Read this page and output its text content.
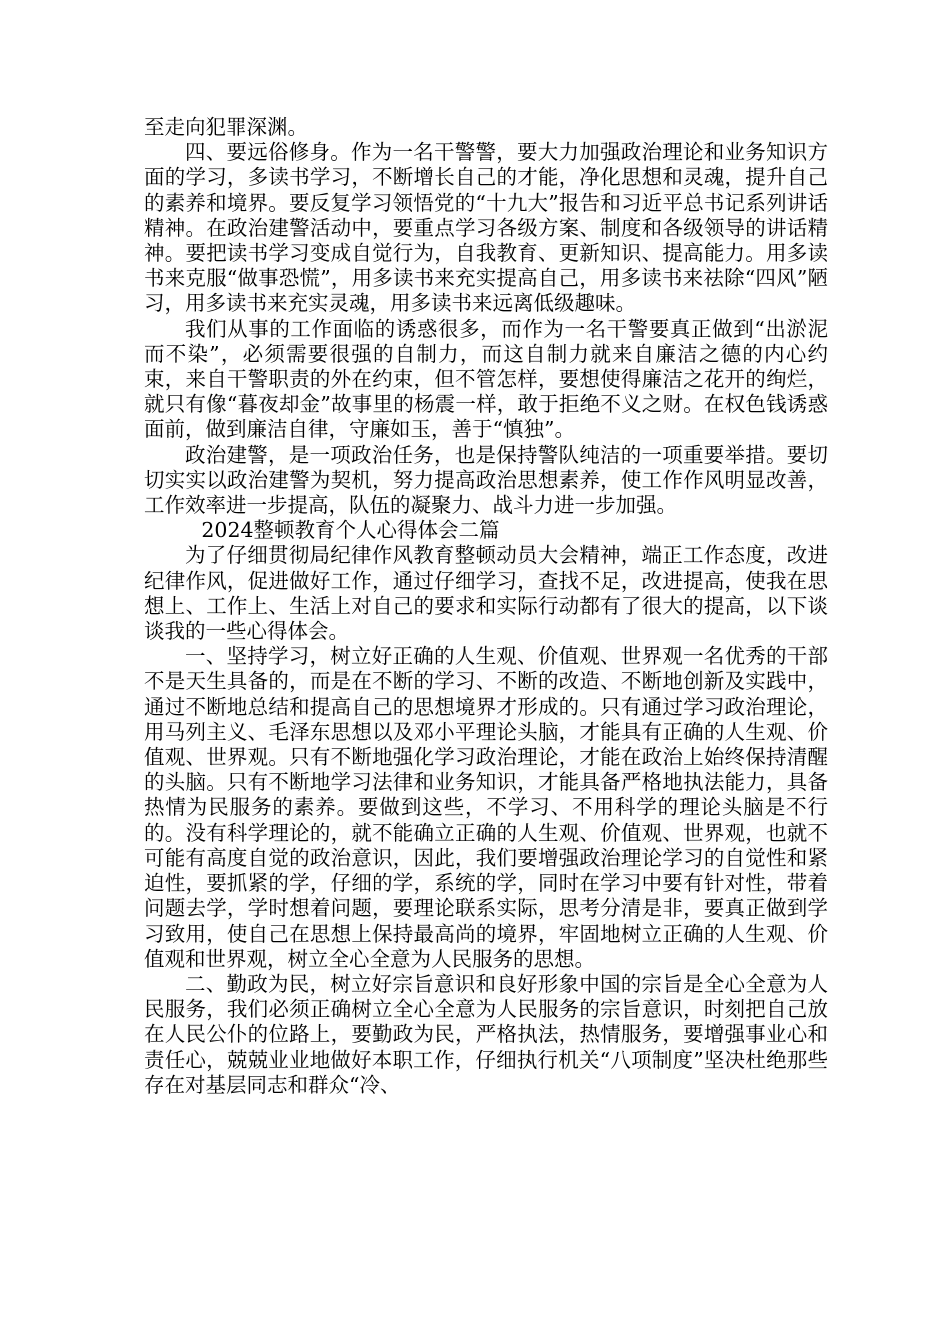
至走向犯罪深渊。

四、要远俗修身。作为一名干警警，要大力加强政治理论和业务知识方面的学习，多读书学习，不断增长自己的才能，净化思想和灵魂，提升自己的素养和境界。要反复学习领悟党的“十九大”报告和习近平总书记系列讲话精神。在政治建警活动中，要重点学习各级方案、制度和各级领导的讲话精神。要把读书学习变成自觉行为，自我教育、更新知识、提高能力。用多读书来克服“做事恐慌”，用多读书来充实提高自己，用多读书来祛除“四风”陋习，用多读书来充实灵魂，用多读书来远离低级趣味。

我们从事的工作面临的诱惑很多，而作为一名干警要真正做到“出淤泥而不染”，必须需要很强的自制力，而这自制力就来自廉洁之德的内心约束，来自干警职责的外在约束，但不管怎样，要想使得廉洁之花开的绚烂，就只有像“暮夜却金”故事里的杨震一样，敢于拒绝不义之财。在权色钱诱惑面前，做到廉洁自律，守廉如玉，善于“慎独”。

政治建警，是一项政治任务，也是保持警队纯洁的一项重要举措。要切切实实以政治建警为契机，努力提高政治思想素养，使工作作风明显改善，工作效率进一步提高，队伍的凝聚力、战斗力进一步加强。

2024整顿教育个人心得体会二篇

为了仔细贯彻局纪律作风教育整顿动员大会精神，端正工作态度，改进纪律作风，促进做好工作，通过仔细学习，查找不足，改进提高，使我在思想上、工作上、生活上对自己的要求和实际行动都有了很大的提高，以下谈谈我的一些心得体会。

一、坚持学习，树立好正确的人生观、价值观、世界观一名优秀的干部不是天生具备的，而是在不断的学习、不断的改造、不断地创新及实践中，通过不断地总结和提高自己的思想境界才形成的。只有通过学习政治理论，用马列主义、毛泽东思想以及邓小平理论头脑，才能具有正确的人生观、价值观、世界观。只有不断地强化学习政治理论，才能在政治上始终保持清醒的头脑。只有不断地学习法律和业务知识，才能具备严格地执法能力，具备热情为民服务的素养。要做到这些，不学习、不用科学的理论头脑是不行的。没有科学理论的，就不能确立正确的人生观、价值观、世界观，也就不可能有高度自觉的政治意识，因此，我们要增强政治理论学习的自觉性和紧迫性，要抓紧的学，仔细的学，系统的学，同时在学习中要有针对性，带着问题去学，学时想着问题，要理论联系实际，思考分清是非，要真正做到学习致用，使自己在思想上保持最高尚的境界，牢固地树立正确的人生观、价值观和世界观，树立全心全意为人民服务的思想。

二、勤政为民，树立好宗旨意识和良好形象中国的宗旨是全心全意为人民服务，我们必须正确树立全心全意为人民服务的宗旨意识，时刻把自己放在人民公仆的位路上，要勤政为民，严格执法，热情服务，要增强事业心和责任心，兢兢业业地做好本职工作，仔细执行机关“八项制度”坚决杜绝那些存在对基层同志和群众“冷、
